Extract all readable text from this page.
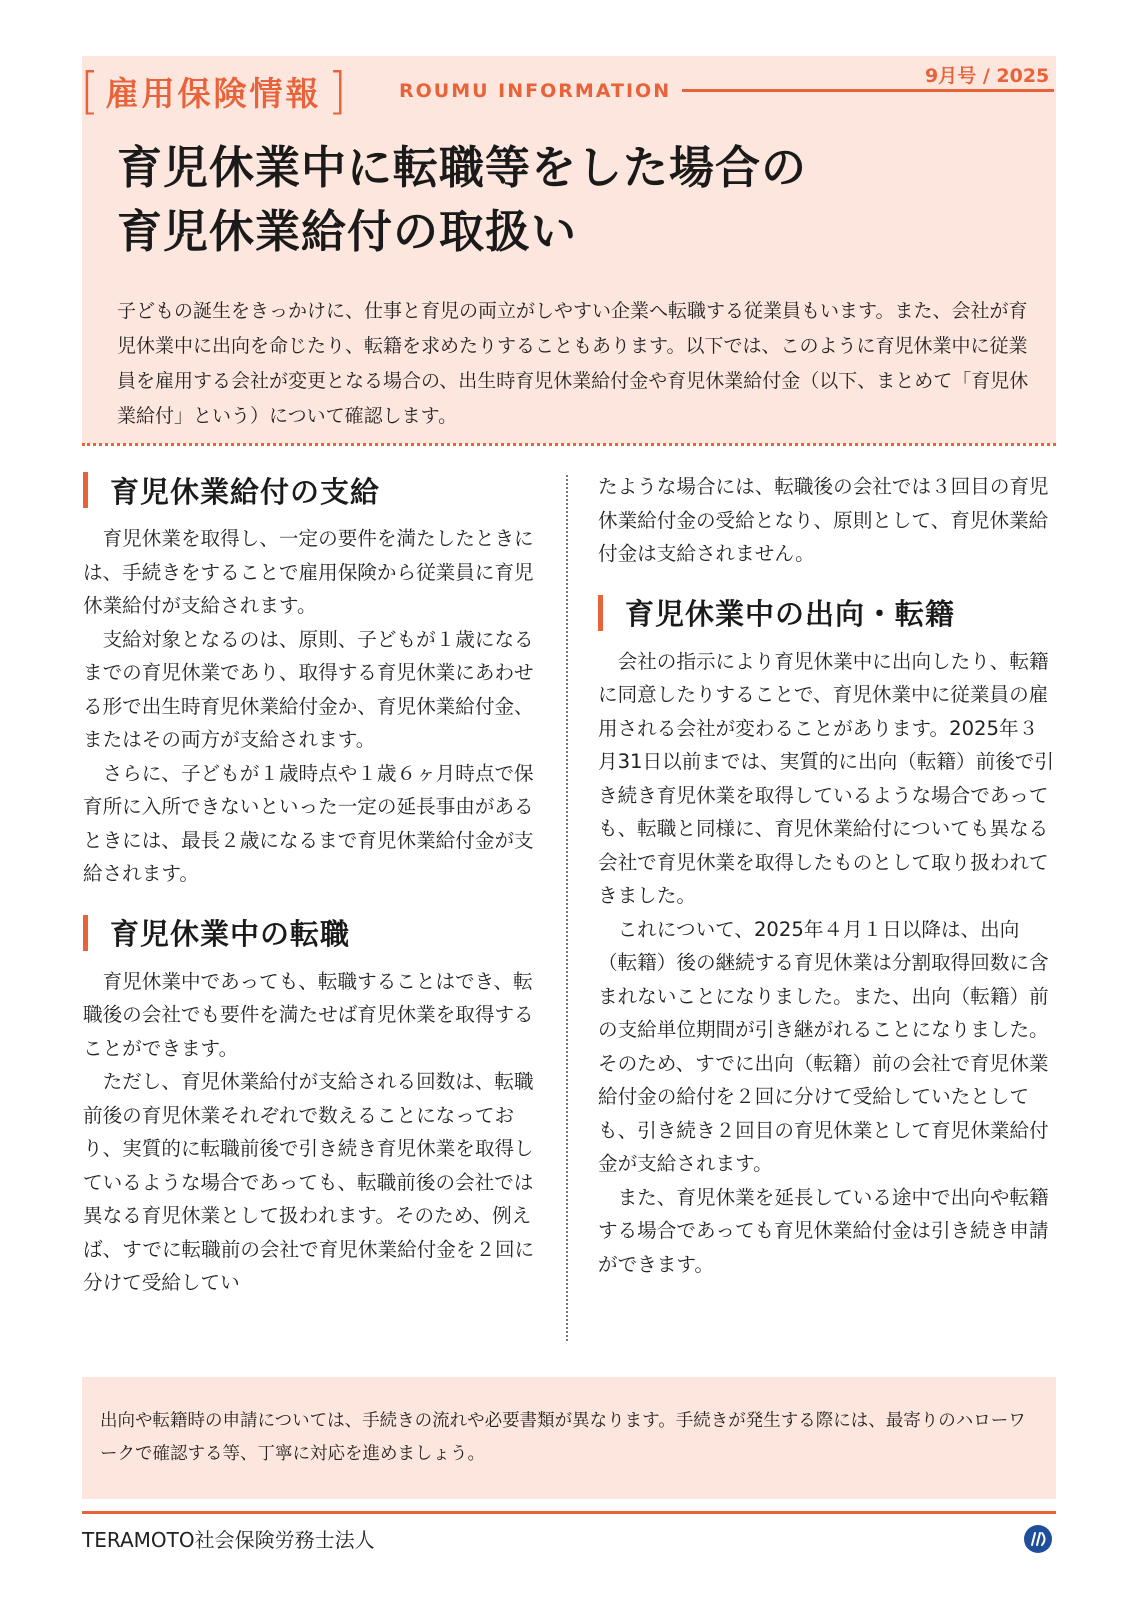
[ 雇用保険情報 ]	ROUMU INFORMATION
9月号 / 2025
育児休業中に転職等をした場合の
育児休業給付の取扱い

子どもの誕生をきっかけに、仕事と育児の両立がしやすい企業へ転職する従業員もいます。また、会社が育児休業中に出向を命じたり、転籍を求めたりすることもあります。以下では、このように育児休業中に従業員を雇用する会社が変更となる場合の、出生時育児休業給付金や育児休業給付金（以下、まとめて「育児休業給付」という）について確認します。

育児休業給付の支給

育児休業を取得し、一定の要件を満たしたときには、手続きをすることで雇用保険から従業員に育児休業給付が支給されます。

支給対象となるのは、原則、子どもが１歳になるまでの育児休業であり、取得する育児休業にあわせる形で出生時育児休業給付金か、育児休業給付金、またはその両方が支給されます。

さらに、子どもが１歳時点や１歳６ヶ月時点で保育所に入所できないといった一定の延長事由があるときには、最長２歳になるまで育児休業給付金が支給されます。

育児休業中の転職

育児休業中であっても、転職することはでき、転職後の会社でも要件を満たせば育児休業を取得することができます。

ただし、育児休業給付が支給される回数は、転職前後の育児休業それぞれで数えることになっており、実質的に転職前後で引き続き育児休業を取得しているような場合であっても、転職前後の会社では異なる育児休業として扱われます。そのため、例えば、すでに転職前の会社で育児休業給付金を２回に分けて受給してい

たような場合には、転職後の会社では３回目の育児休業給付金の受給となり、原則として、育児休業給付金は支給されません。

育児休業中の出向・転籍

会社の指示により育児休業中に出向したり、転籍に同意したりすることで、育児休業中に従業員の雇用される会社が変わることがあります。2025年３月31日以前までは、実質的に出向（転籍）前後で引き続き育児休業を取得しているような場合であっても、転職と同様に、育児休業給付についても異なる会社で育児休業を取得したものとして取り扱われてきました。

これについて、2025年４月１日以降は、出向（転籍）後の継続する育児休業は分割取得回数に含まれないことになりました。また、出向（転籍）前の支給単位期間が引き継がれることになりました。そのため、すでに出向（転籍）前の会社で育児休業給付金の給付を２回に分けて受給していたとしても、引き続き２回目の育児休業として育児休業給付金が支給されます。

また、育児休業を延長している途中で出向や転籍する場合であっても育児休業給付金は引き続き申請ができます。

出向や転籍時の申請については、手続きの流れや必要書類が異なります。手続きが発生する際には、最寄りのハローワークで確認する等、丁寧に対応を進めましょう。

TERAMOTO社会保険労務士法人
